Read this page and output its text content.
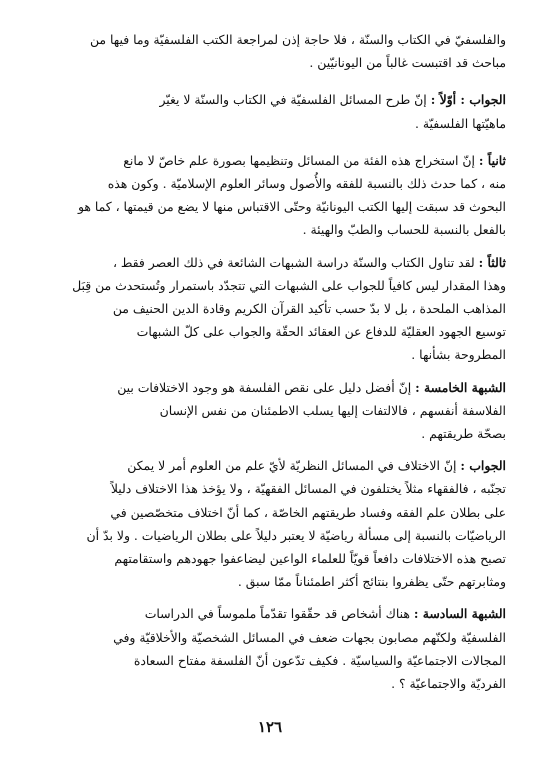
والفلسفيّ في الكتاب والسنّة ، فلا حاجة إذن لمراجعة الكتب الفلسفيّة وما فيها من
مباحث قد اقتبست غالباً من اليونانيّين .

الجواب : أوّلاً : إنّ طرح المسائل الفلسفيّة في الكتاب والسنّة لا يغيّر
ماهيّتها الفلسفيّة .

ثانياً : إنّ استخراج هذه الفئة من المسائل وتنظيمها بصورة علم خاصّ لا مانع
منه ، كما حدث ذلك بالنسبة للفقه والأُصول وسائر العلوم الإسلاميّة . وكون هذه
البحوث قد سبقت إليها الكتب اليونانيّة وحتّى الاقتباس منها لا يضع من قيمتها ، كما هو
بالفعل بالنسبة للحساب والطبّ والهيئة .

ثالثاً : لقد تناول الكتاب والسنّة دراسة الشبهات الشائعة في ذلك العصر فقط ،
وهذا المقدار ليس كافياً للجواب على الشبهات التي تتجدّد باستمرار وتُستحدث من قِبَل
المذاهب الملحدة ، بل لا بدّ حسب تأكيد القرآن الكريم وقادة الدين الحنيف من
توسيع الجهود العقليّة للدفاع عن العقائد الحقّة والجواب على كلّ الشبهات
المطروحة بشأنها .

الشبهة الخامسة : إنّ أفضل دليل على نقص الفلسفة هو وجود الاختلافات بين
الفلاسفة أنفسهم ، فالالتفات إليها يسلب الاطمئنان من نفس الإنسان
بصحّة طريقتهم .

الجواب : إنّ الاختلاف في المسائل النظريّة لأيّ علم من العلوم أمر لا يمكن
تجنّبه ، فالفقهاء مثلاً يختلفون في المسائل الفقهيّة ، ولا يؤخذ هذا الاختلاف دليلاً
على بطلان علم الفقه وفساد طريقتهم الخاصّة ، كما أنّ اختلاف متخصّصين في
الرياضيّات بالنسبة إلى مسألة رياضيّة لا يعتبر دليلاً على بطلان الرياضيات . ولا بدّ أن
تصبح هذه الاختلافات دافعاً قويّاً للعلماء الواعين ليضاعفوا جهودهم واستقامتهم
ومثابرتهم حتّى يظفروا بنتائج أكثر اطمئناناً ممّا سبق .

الشبهة السادسة : هناك أشخاص قد حقّقوا تقدّماً ملموساً في الدراسات
الفلسفيّة ولكنّهم مصابون بجهات ضعف في المسائل الشخصيّة والأخلاقيّة وفي
المجالات الاجتماعيّة والسياسيّة . فكيف تدّعون أنّ الفلسفة مفتاح السعادة
الفرديّة والاجتماعيّة ؟ .

١٢٦
